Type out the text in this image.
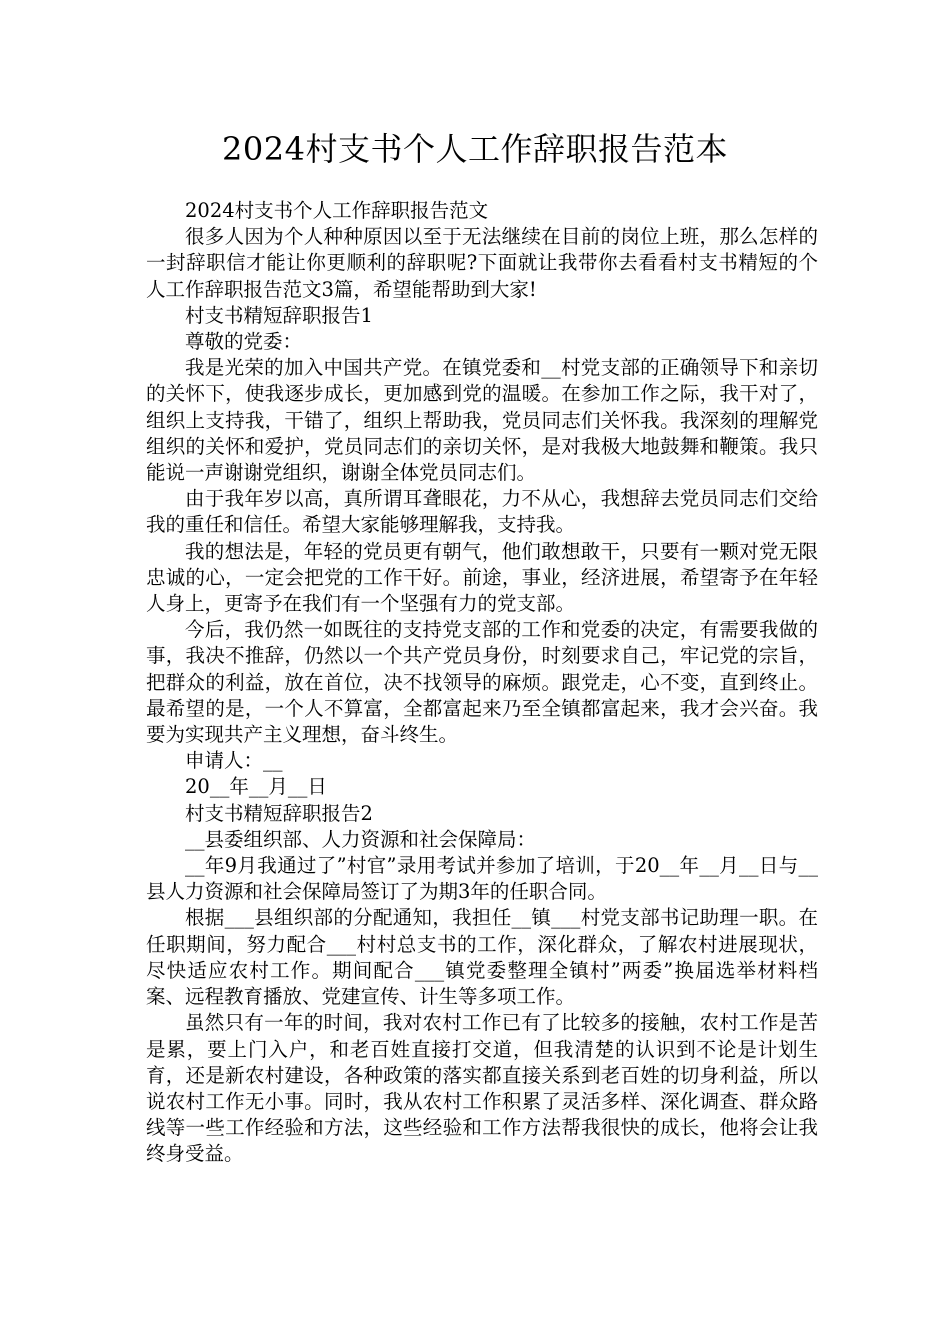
2024村支书个人工作辞职报告范本

2024村支书个人工作辞职报告范文

很多人因为个人种种原因以至于无法继续在目前的岗位上班，那么怎样的一封辞职信才能让你更顺利的辞职呢?下面就让我带你去看看村支书精短的个人工作辞职报告范文3篇，希望能帮助到大家!

村支书精短辞职报告1

尊敬的党委：

我是光荣的加入中国共产党。在镇党委和__村党支部的正确领导下和亲切的关怀下，使我逐步成长，更加感到党的温暖。在参加工作之际，我干对了，组织上支持我，干错了，组织上帮助我，党员同志们关怀我。我深刻的理解党组织的关怀和爱护，党员同志们的亲切关怀，是对我极大地鼓舞和鞭策。我只能说一声谢谢党组织，谢谢全体党员同志们。

由于我年岁以高，真所谓耳聋眼花，力不从心，我想辞去党员同志们交给我的重任和信任。希望大家能够理解我，支持我。

我的想法是，年轻的党员更有朝气，他们敢想敢干，只要有一颗对党无限忠诚的心，一定会把党的工作干好。前途，事业，经济进展，希望寄予在年轻人身上，更寄予在我们有一个坚强有力的党支部。

今后，我仍然一如既往的支持党支部的工作和党委的决定，有需要我做的事，我决不推辞，仍然以一个共产党员身份，时刻要求自己，牢记党的宗旨，把群众的利益，放在首位，决不找领导的麻烦。跟党走，心不变，直到终止。最希望的是，一个人不算富，全都富起来乃至全镇都富起来，我才会兴奋。我要为实现共产主义理想，奋斗终生。

申请人：__

20__年__月__日

村支书精短辞职报告2

__县委组织部、人力资源和社会保障局：

__年9月我通过了”村官”录用考试并参加了培训，于20__年__月__日与__县人力资源和社会保障局签订了为期3年的任职合同。

根据___县组织部的分配通知，我担任__镇___村党支部书记助理一职。在任职期间，努力配合___村村总支书的工作，深化群众，了解农村进展现状，尽快适应农村工作。期间配合___镇党委整理全镇村”两委”换届选举材料档案、远程教育播放、党建宣传、计生等多项工作。

虽然只有一年的时间，我对农村工作已有了比较多的接触，农村工作是苦是累，要上门入户，和老百姓直接打交道，但我清楚的认识到不论是计划生育，还是新农村建设，各种政策的落实都直接关系到老百姓的切身利益，所以说农村工作无小事。同时，我从农村工作积累了灵活多样、深化调查、群众路线等一些工作经验和方法，这些经验和工作方法帮我很快的成长，他将会让我终身受益。
